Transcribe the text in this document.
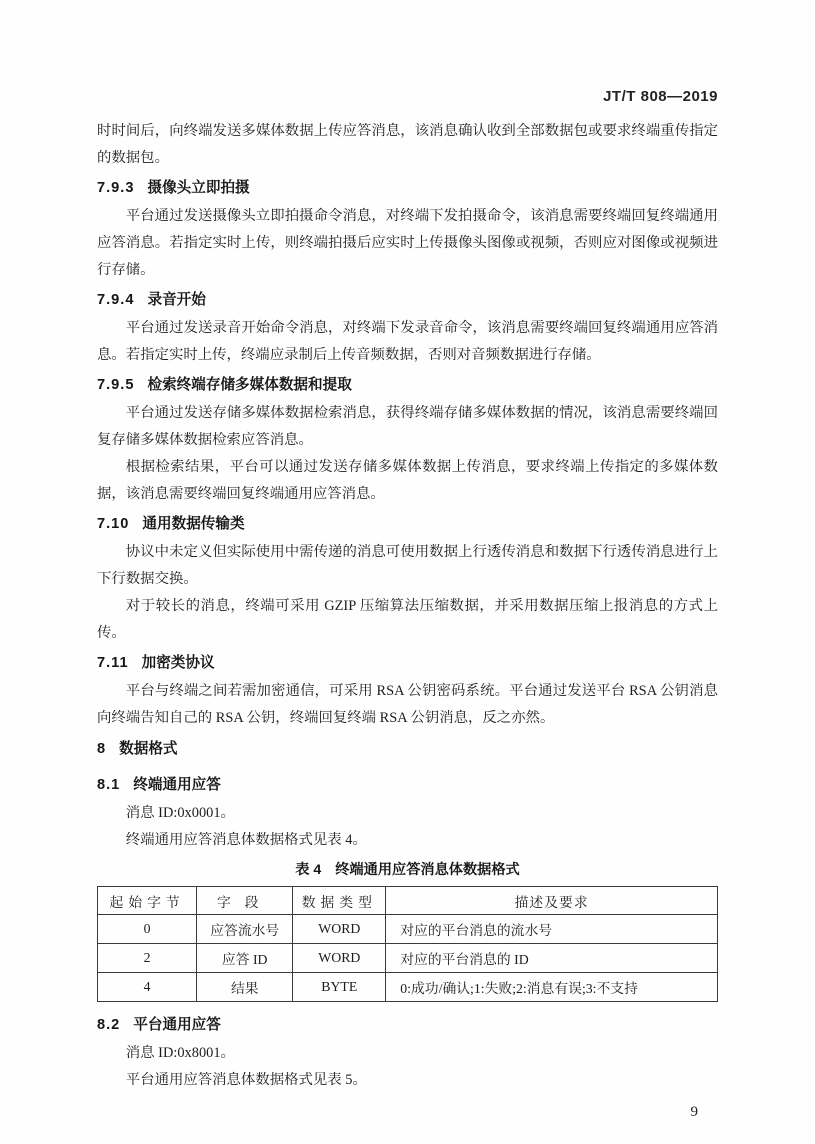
JT/T 808—2019

时时间后，向终端发送多媒体数据上传应答消息，该消息确认收到全部数据包或要求终端重传指定的数据包。

7.9.3 摄像头立即拍摄

平台通过发送摄像头立即拍摄命令消息，对终端下发拍摄命令，该消息需要终端回复终端通用应答消息。若指定实时上传，则终端拍摄后应实时上传摄像头图像或视频，否则应对图像或视频进行存储。

7.9.4 录音开始

平台通过发送录音开始命令消息，对终端下发录音命令，该消息需要终端回复终端通用应答消息。若指定实时上传，终端应录制后上传音频数据，否则对音频数据进行存储。

7.9.5 检索终端存储多媒体数据和提取

平台通过发送存储多媒体数据检索消息，获得终端存储多媒体数据的情况，该消息需要终端回复存储多媒体数据检索应答消息。

根据检索结果，平台可以通过发送存储多媒体数据上传消息，要求终端上传指定的多媒体数据，该消息需要终端回复终端通用应答消息。

7.10 通用数据传输类

协议中未定义但实际使用中需传递的消息可使用数据上行透传消息和数据下行透传消息进行上下行数据交换。

对于较长的消息，终端可采用 GZIP 压缩算法压缩数据，并采用数据压缩上报消息的方式上传。

7.11 加密类协议

平台与终端之间若需加密通信，可采用 RSA 公钥密码系统。平台通过发送平台 RSA 公钥消息向终端告知自己的 RSA 公钥，终端回复终端 RSA 公钥消息，反之亦然。

8 数据格式
8.1 终端通用应答

消息 ID:0x0001。

终端通用应答消息体数据格式见表 4。

表 4 终端通用应答消息体数据格式
起始字节	字段	数据类型	描述及要求
0	应答流水号	WORD	对应的平台消息的流水号
2	应答 ID	WORD	对应的平台消息的 ID
4	结果	BYTE	0:成功/确认;1:失败;2:消息有误;3:不支持
8.2 平台通用应答

消息 ID:0x8001。

平台通用应答消息体数据格式见表 5。

9
